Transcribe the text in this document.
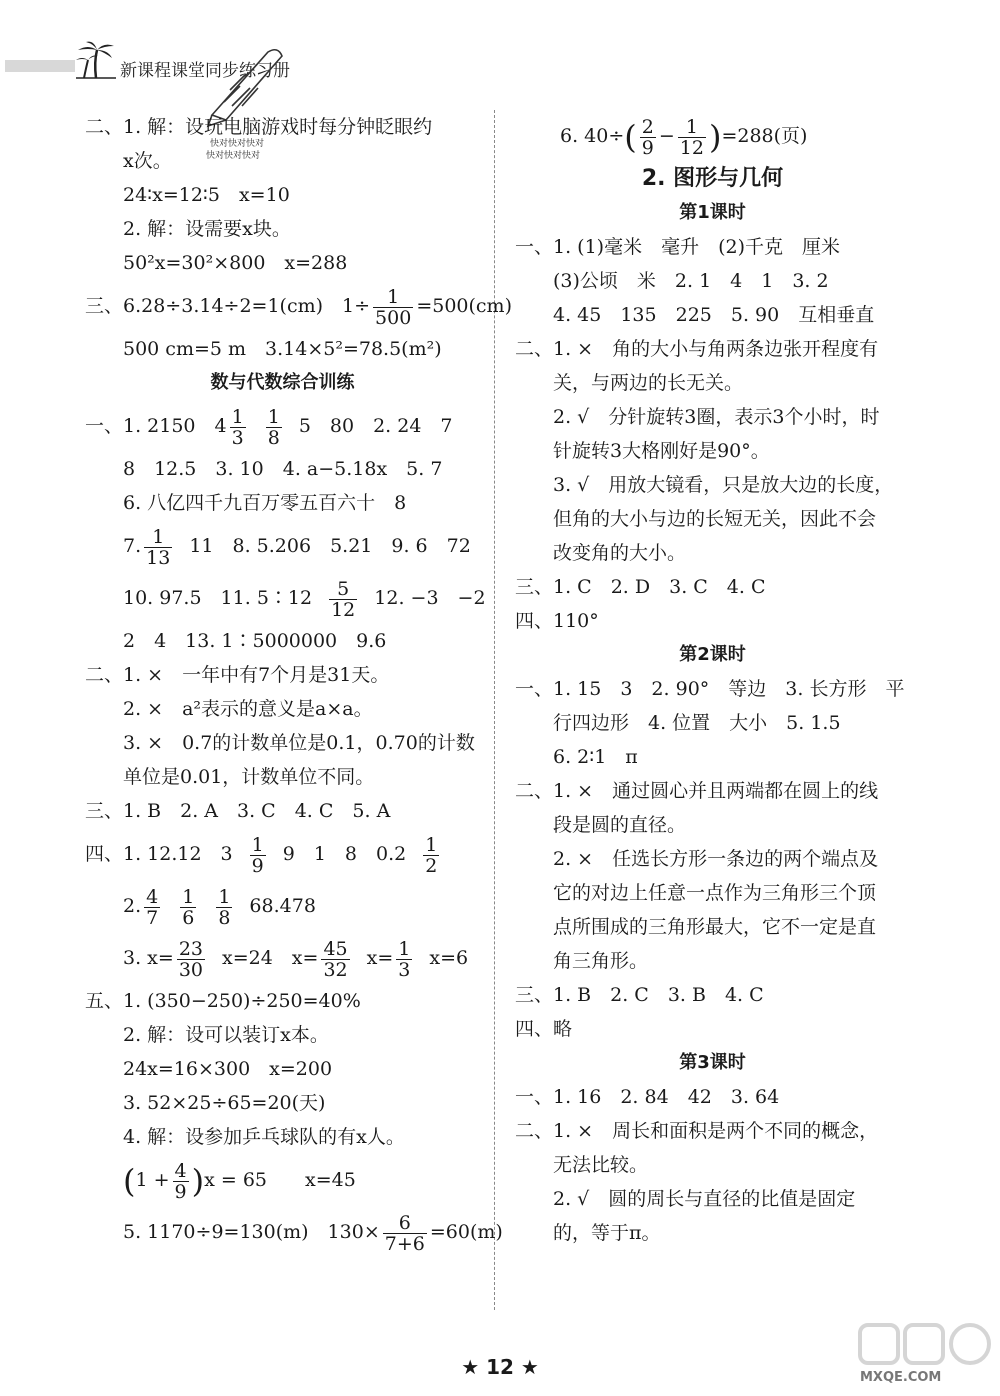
新课程课堂同步练习册
快对快对快对
快对快对快对
二、1. 解：设玩电脑游戏时每分钟眨眼约
x次。
24∶x=12∶5　x=10
2. 解：设需要x块。
50²x=30²×800　x=288
三、6.28÷3.14÷2=1(cm)　$1\div \frac{1}{500} =500(cm)$
500 cm=5 m　3.14×5²=78.5(m²)
数与代数综合训练
一、1. 2150　$4 \frac{1}{3} \frac{1}{8} 5$　80　2. 24　7
8　12.5　3. 10　4. a−5.18x　5. 7
6. 八亿四千九百万零五百六十　8
7. $\frac{1}{13} 11$　8. 5.206　5.21　9. 6　72
10. 97.5　11. 5∶12 $\frac{5}{12} 12$. −3　−2
2　4　13. 1∶5000000　9.6
二、1. ×　一年中有7个月是31天。
2. ×　a²表示的意义是a×a。
3. ×　0.7的计数单位是0.1，0.70的计数
单位是0.01，计数单位不同。
三、1. B　2. A　3. C　4. C　5. A
四、1. 12.12　$3 \frac{1}{9} 9$　1　8　$0.2 \frac{1}{2}$
2. $\frac{4}{7} \frac{1}{6} \frac{1}{8} 68.478$
3. $x= \frac{23}{30} x=24$　$x= \frac{45}{32} x= \frac{1}{3} x=6$
五、1. (350−250)÷250=40%
2. 解：设可以装订x本。
24x=16×300　x=200
3. 52×25÷65=20(天)
4. 解：设参加乒乓球队的有x人。
$(1 + \frac{4}{9} )x = 65$　　x=45
5. 1170÷9=130(m)　$130\times \frac{6}{7+6} =60(m)$
6. $40\div( \frac{2}{9} - \frac{1}{12} )=288$(页)
2. 图形与几何
第1课时
一、1. (1)毫米　毫升　(2)千克　厘米
(3)公顷　米　2. 1　4　1　3. 2
4. 45　135　225　5. 90　互相垂直
二、1. ×　角的大小与角两条边张开程度有
关，与两边的长无关。
2. √　分针旋转3圈，表示3个小时，时
针旋转3大格刚好是90°。
3. √　用放大镜看，只是放大边的长度，
但角的大小与边的长短无关，因此不会
改变角的大小。
三、1. C　2. D　3. C　4. C
四、110°
第2课时
一、1. 15　3　2. 90°　等边　3. 长方形　平
行四边形　4. 位置　大小　5. 1.5
6. 2∶1　π
二、1. ×　通过圆心并且两端都在圆上的线
段是圆的直径。
2. ×　任选长方形一条边的两个端点及
它的对边上任意一点作为三角形三个顶
点所围成的三角形最大，它不一定是直
角三角形。
三、1. B　2. C　3. B　4. C
四、略
第3课时
一、1. 16　2. 84　42　3. 64
二、1. ×　周长和面积是两个不同的概念，
无法比较。
2. √　圆的周长与直径的比值是固定
的，等于π。
★ 12 ★	MXQE.COM
